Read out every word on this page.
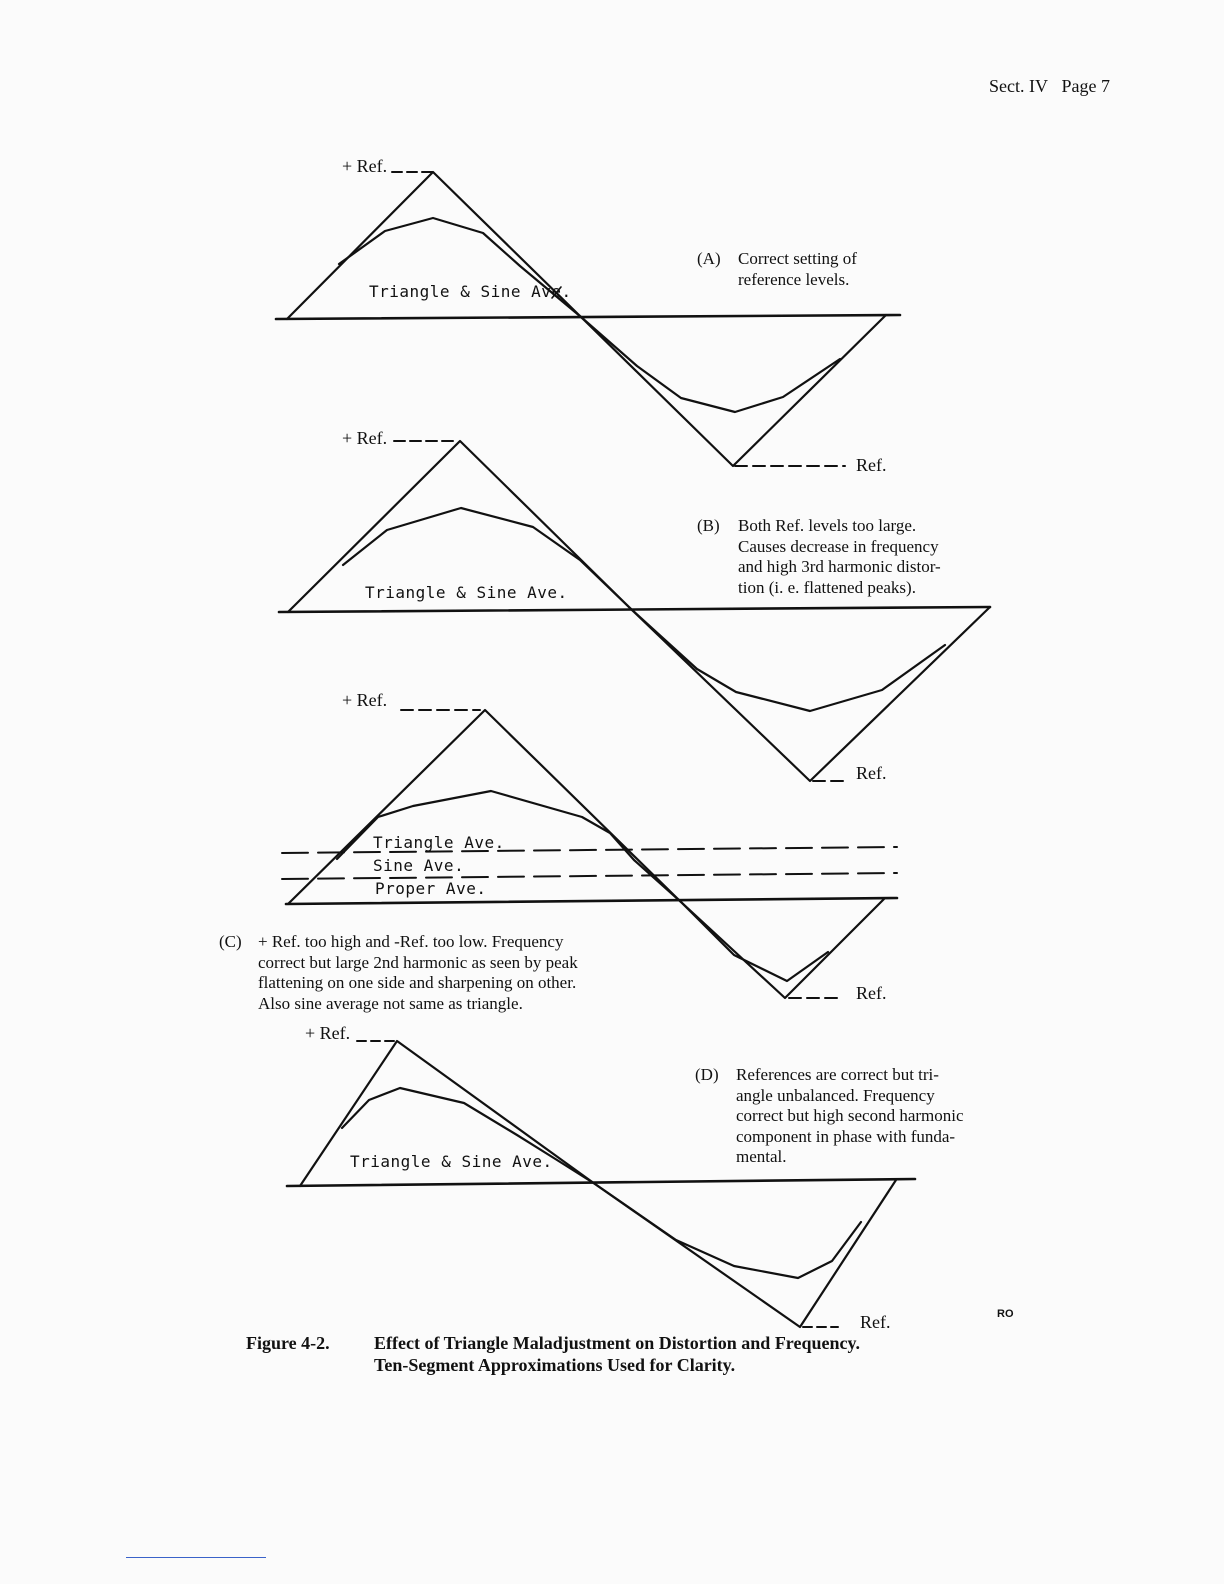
Sect. IV Page 7
+ Ref.
Ref.
Triangle & Sine Ave.
(A) Correct setting of
reference levels.
+ Ref.
Ref.
Triangle & Sine Ave.
(B) Both Ref. levels too large.
Causes decrease in frequency
and high 3rd harmonic distor-
tion (i. e. flattened peaks).
+ Ref.
Ref.
Triangle Ave.
Sine Ave.
Proper Ave.
(C) + Ref. too high and -Ref. too low. Frequency
correct but large 2nd harmonic as seen by peak
flattening on one side and sharpening on other.
Also sine average not same as triangle.
+ Ref.
Ref.
Triangle & Sine Ave.
(D) References are correct but tri-
angle unbalanced. Frequency
correct but high second harmonic
component in phase with funda-
mental.
RO
Figure 4-2. Effect of Triangle Maladjustment on Distortion and Frequency.
Ten-Segment Approximations Used for Clarity.
